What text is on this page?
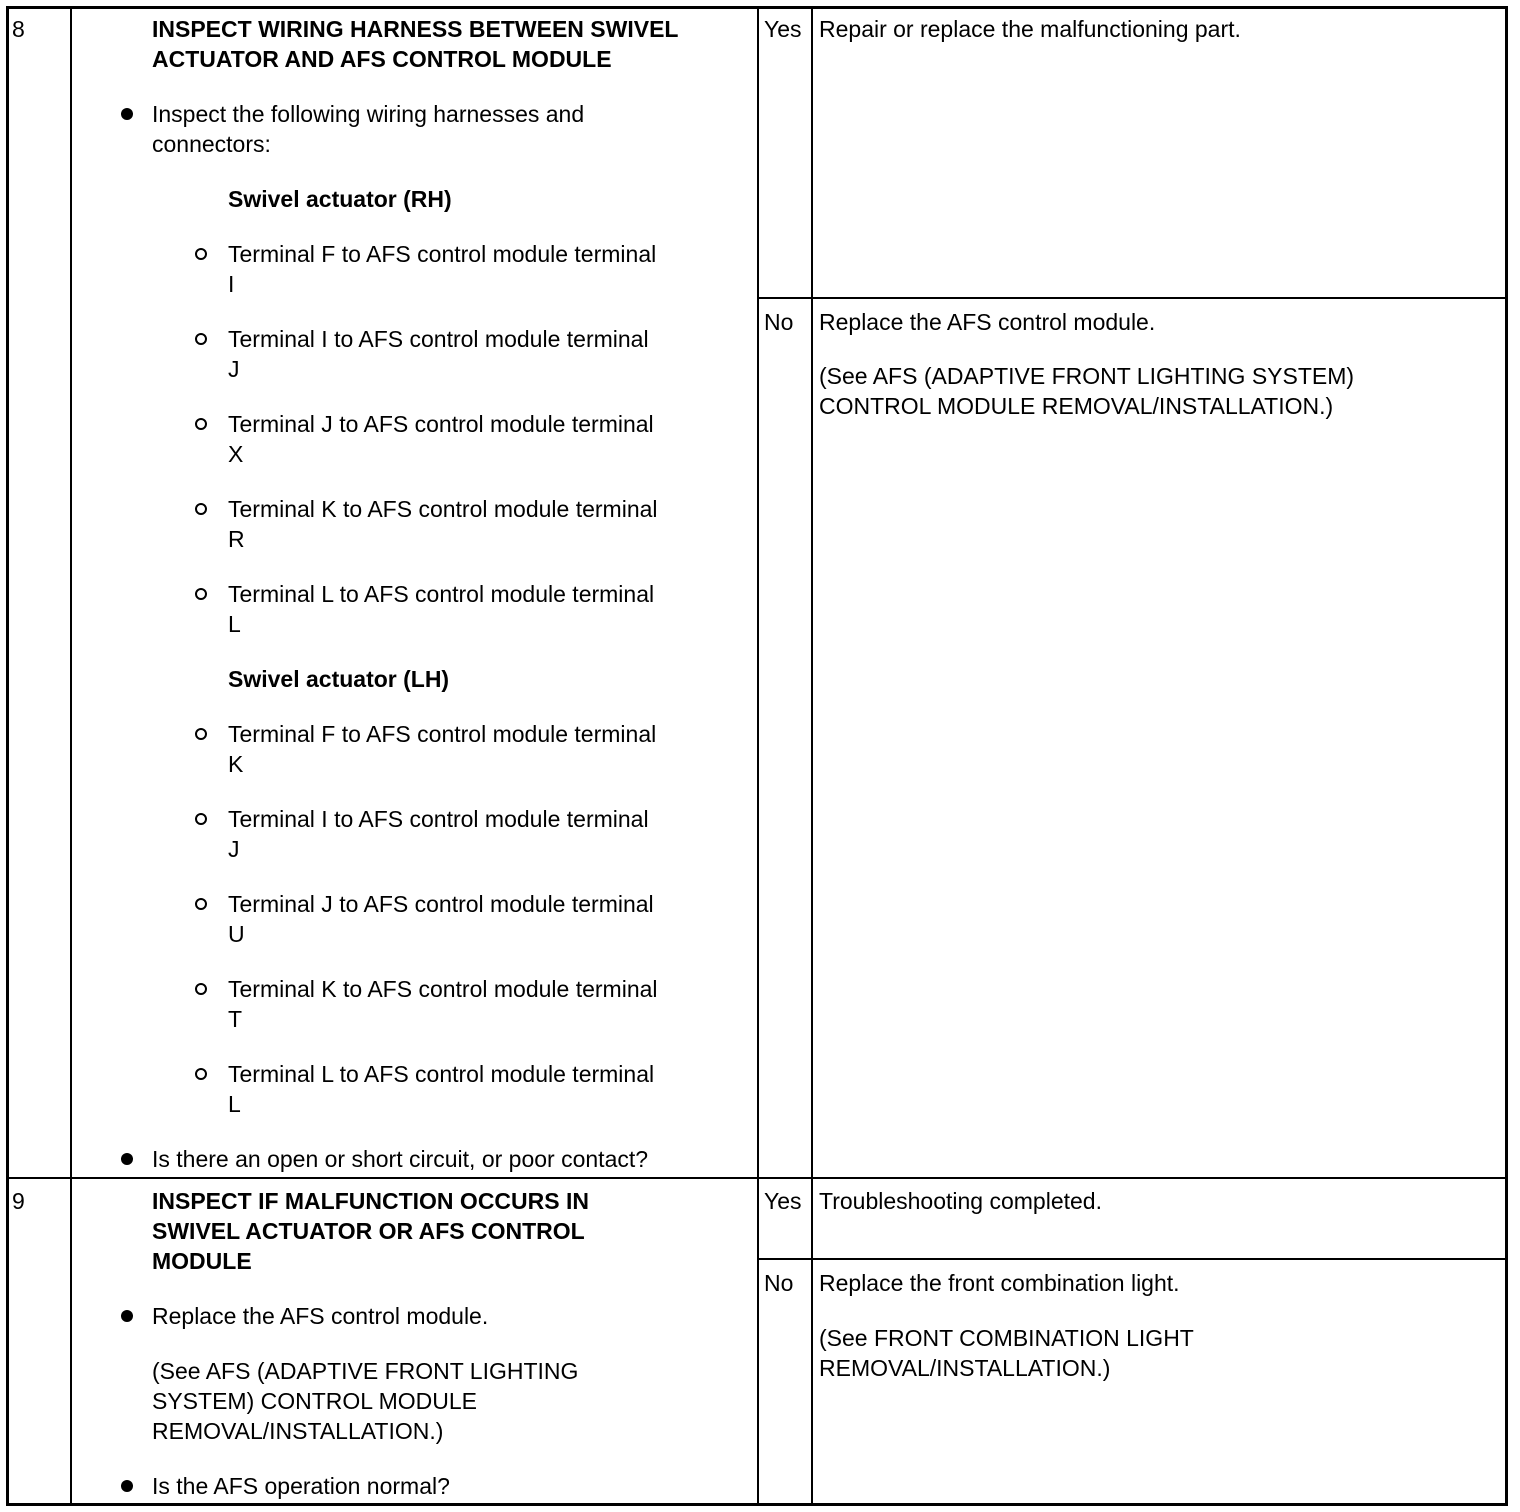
8	INSPECT WIRING HARNESS BETWEEN SWIVEL
ACTUATOR AND AFS CONTROL MODULE
Inspect the following wiring harnesses and
connectors:
Swivel actuator (RH)
Terminal F to AFS control module terminal
I
Terminal I to AFS control module terminal
J
Terminal J to AFS control module terminal
X
Terminal K to AFS control module terminal
R
Terminal L to AFS control module terminal
L
Swivel actuator (LH)
Terminal F to AFS control module terminal
K
Terminal I to AFS control module terminal
J
Terminal J to AFS control module terminal
U
Terminal K to AFS control module terminal
T
Terminal L to AFS control module terminal
L
Is there an open or short circuit, or poor contact?
Yes Repair or replace the malfunctioning part.
No Replace the AFS control module.
(See AFS (ADAPTIVE FRONT LIGHTING SYSTEM)
CONTROL MODULE REMOVAL/INSTALLATION.)
9	INSPECT IF MALFUNCTION OCCURS IN
SWIVEL ACTUATOR OR AFS CONTROL
MODULE
Replace the AFS control module.
(See AFS (ADAPTIVE FRONT LIGHTING
SYSTEM) CONTROL MODULE
REMOVAL/INSTALLATION.)
Is the AFS operation normal?
Yes Troubleshooting completed.
No Replace the front combination light.
(See FRONT COMBINATION LIGHT
REMOVAL/INSTALLATION.)
